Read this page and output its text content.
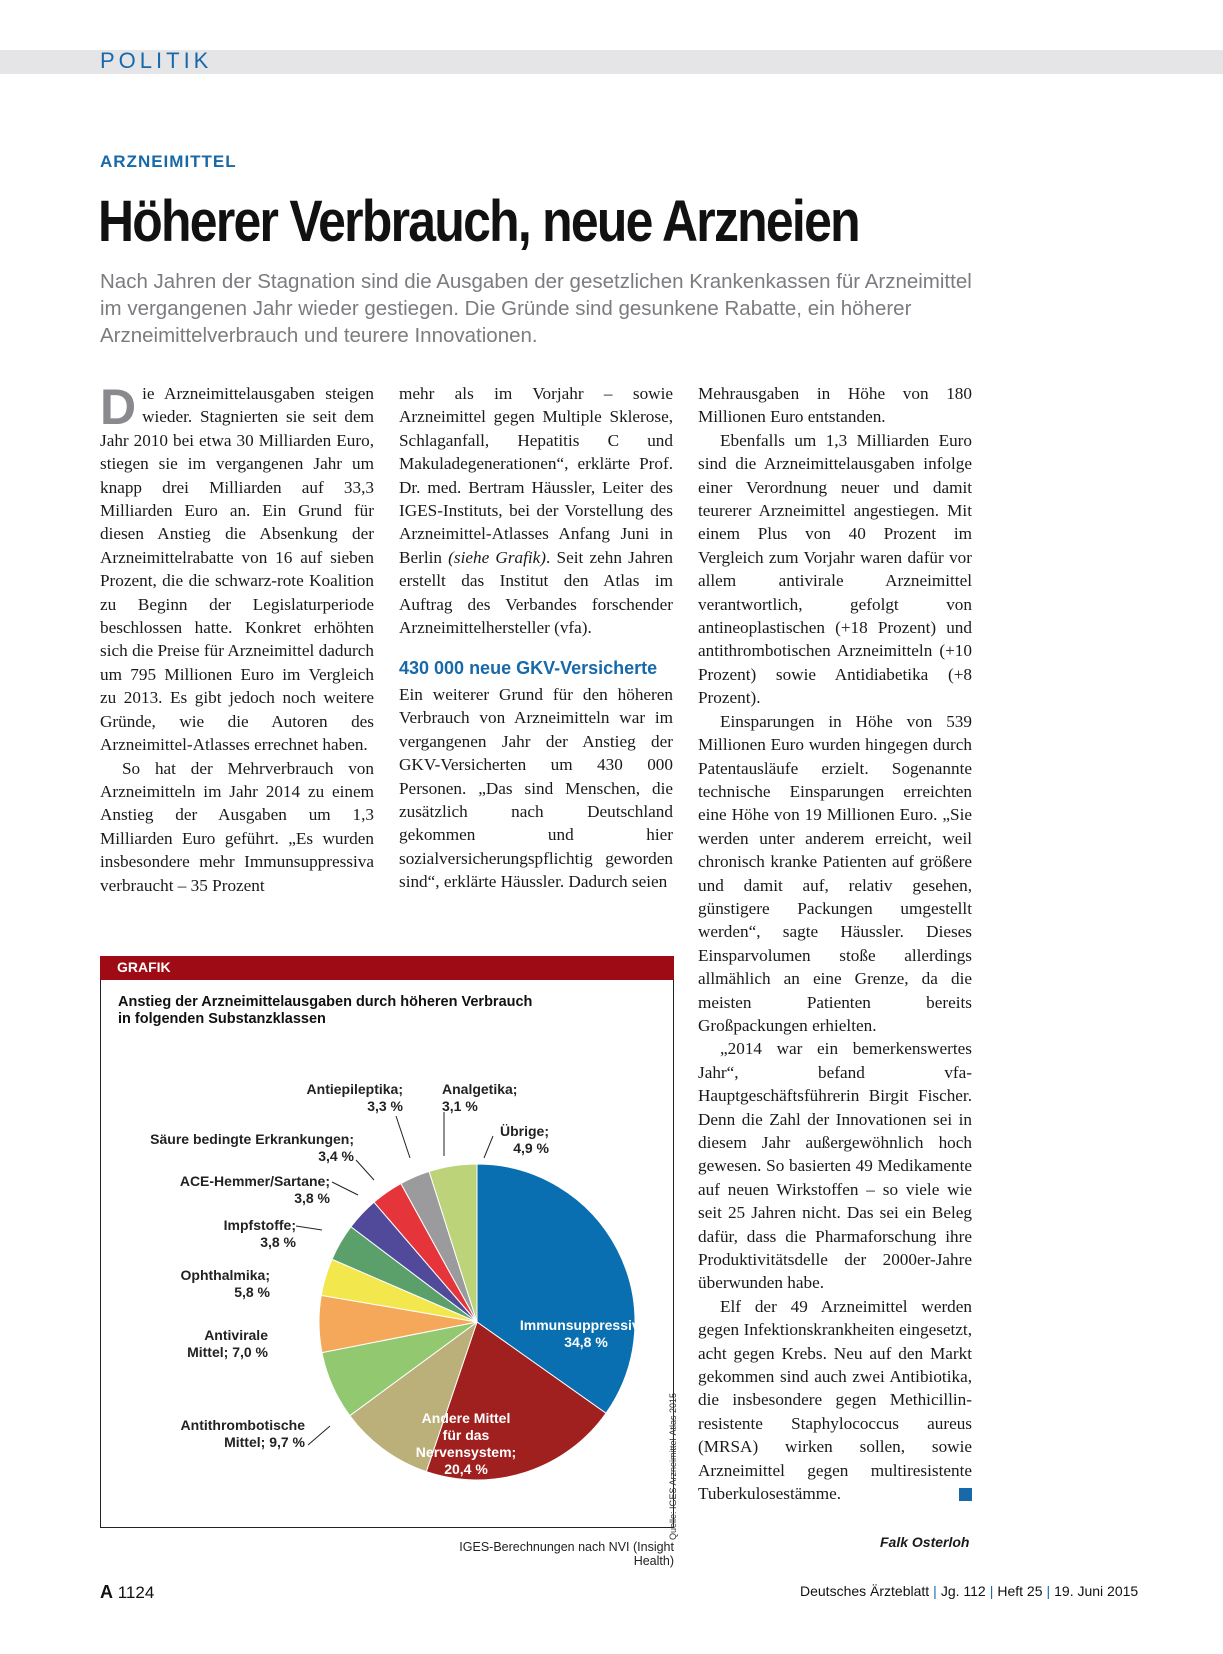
POLITIK
ARZNEIMITTEL
Höherer Verbrauch, neue Arzneien
Nach Jahren der Stagnation sind die Ausgaben der gesetzlichen Krankenkassen für Arzneimittel im vergangenen Jahr wieder gestiegen. Die Gründe sind gesunkene Rabatte, ein höherer Arzneimittelverbrauch und teurere Innovationen.

Die Arzneimittelausgaben steigen wieder. Stagnierten sie seit dem Jahr 2010 bei etwa 30 Milliarden Euro, stiegen sie im vergangenen Jahr um knapp drei Milliarden auf 33,3 Milliarden Euro an. Ein Grund für diesen Anstieg die Absenkung der Arzneimittelrabatte von 16 auf sieben Prozent, die die schwarz-rote Koalition zu Beginn der Legislaturperiode beschlossen hatte. Konkret erhöhten sich die Preise für Arzneimittel dadurch um 795 Millionen Euro im Vergleich zu 2013. Es gibt jedoch noch weitere Gründe, wie die Autoren des Arzneimittel-Atlasses errechnet haben.

So hat der Mehrverbrauch von Arzneimitteln im Jahr 2014 zu einem Anstieg der Ausgaben um 1,3 Milliarden Euro geführt. „Es wurden insbesondere mehr Immunsuppressiva verbraucht – 35 Prozent

mehr als im Vorjahr – sowie Arzneimittel gegen Multiple Sklerose, Schlaganfall, Hepatitis C und Makuladegenerationen“, erklärte Prof. Dr. med. Bertram Häussler, Leiter des IGES-Instituts, bei der Vorstellung des Arzneimittel-Atlasses Anfang Juni in Berlin (siehe Grafik). Seit zehn Jahren erstellt das Institut den Atlas im Auftrag des Verbandes forschender Arzneimittelhersteller (vfa).

430 000 neue GKV-Versicherte

Ein weiterer Grund für den höheren Verbrauch von Arzneimitteln war im vergangenen Jahr der Anstieg der GKV-Versicherten um 430 000 Personen. „Das sind Menschen, die zusätzlich nach Deutschland gekommen und hier sozialversicherungspflichtig geworden sind“, erklärte Häussler. Dadurch seien

Mehrausgaben in Höhe von 180 Millionen Euro entstanden.

Ebenfalls um 1,3 Milliarden Euro sind die Arzneimittelausgaben infolge einer Verordnung neuer und damit teurerer Arzneimittel angestiegen. Mit einem Plus von 40 Prozent im Vergleich zum Vorjahr waren dafür vor allem antivirale Arzneimittel verantwortlich, gefolgt von antineoplastischen (+18 Prozent) und antithrombotischen Arzneimitteln (+10 Prozent) sowie Antidiabetika (+8 Prozent).

Einsparungen in Höhe von 539 Millionen Euro wurden hingegen durch Patentausläufe erzielt. Sogenannte technische Einsparungen erreichten eine Höhe von 19 Millionen Euro. „Sie werden unter anderem erreicht, weil chronisch kranke Patienten auf größere und damit auf, relativ gesehen, günstigere Packungen umgestellt werden“, sagte Häussler. Dieses Einsparvolumen stoße allerdings allmählich an eine Grenze, da die meisten Patienten bereits Großpackungen erhielten.

„2014 war ein bemerkenswertes Jahr“, befand vfa-Hauptgeschäftsführerin Birgit Fischer. Denn die Zahl der Innovationen sei in diesem Jahr außergewöhnlich hoch gewesen. So basierten 49 Medikamente auf neuen Wirkstoffen – so viele wie seit 25 Jahren nicht. Das sei ein Beleg dafür, dass die Pharmaforschung ihre Produktivitätsdelle der 2000er-Jahre überwunden habe.

Elf der 49 Arzneimittel werden gegen Infektionskrankheiten eingesetzt, acht gegen Krebs. Neu auf den Markt gekommen sind auch zwei Antibiotika, die insbesondere gegen Methicillin-resistente Staphylococcus aureus (MRSA) wirken sollen, sowie Arzneimittel gegen multiresistente Tuberkulosestämme.

Falk Osterloh
GRAFIK
Anstieg der Arzneimittelausgaben durch höheren Verbrauch
in folgenden Substanzklassen
Immunsuppressiva; 34,8 %
Andere Mittel für das Nervensystem; 20,4 %
Antithrombotische Mittel; 9,7 %
Antivirale Mittel; 7,0 %
Ophthalmika; 5,8 %
Impfstoffe; 3,8 %
ACE-Hemmer/Sartane; 3,8 %
Säure bedingte Erkrankungen; 3,4 %
Antiepileptika; 3,3 %
Analgetika; 3,1 %
Übrige; 4,9 %
Quelle: IGES Arzneimittel-Atlas 2015
IGES-Berechnungen nach NVI (Insight Health)
A 1124	Deutsches Ärzteblatt | Jg. 112 | Heft 25 | 19. Juni 2015
